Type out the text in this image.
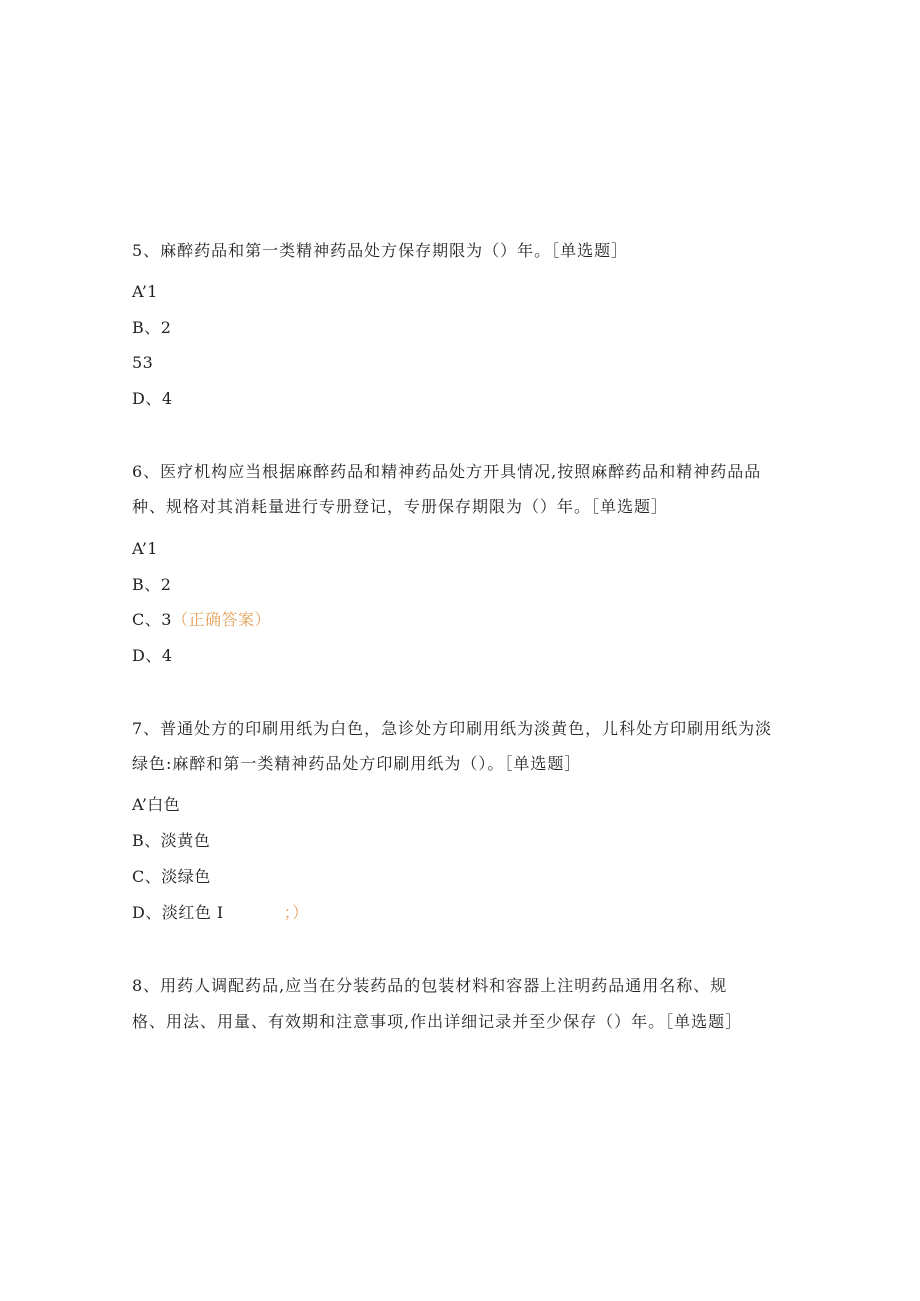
5、麻醉药品和第一类精神药品处方保存期限为（）年。［单选题］
A’1
B、2
53
D、4
6、医疗机构应当根据麻醉药品和精神药品处方开具情况,按照麻醉药品和精神药品品
种、规格对其消耗量进行专册登记，专册保存期限为（）年。［单选题］
A’1
B、2
C、3（正确答案）
D、4
7、普通处方的印刷用纸为白色，急诊处方印刷用纸为淡黄色，儿科处方印刷用纸为淡
绿色:麻醉和第一类精神药品处方印刷用纸为（）。［单选题］
A’白色
B、淡黄色
C、淡绿色
D、淡红色 I	；）
8、用药人调配药品,应当在分装药品的包装材料和容器上注明药品通用名称、规
格、用法、用量、有效期和注意事项,作出详细记录并至少保存（）年。［单选题］
